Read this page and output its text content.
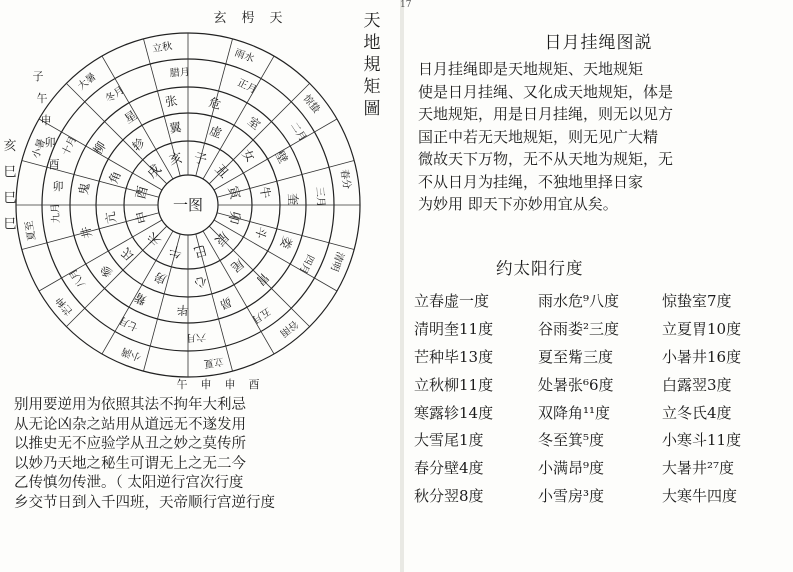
子
丑
寅
卯
辰
巳
午
未
申
酉
戌
亥
虚
女
牛
斗
尾
心
房
氐
亢
角
轸
翼
危
室
壁
奎
娄
胃
昴
毕
觜
参
井
鬼
柳
星
张
正月
二月
三月
四月
五月
六月
七月
八月
九月
十月
冬月
腊月
雨水
惊蛰
春分
清明
谷雨
立夏
小满
芒种
夏至
小暑
大暑
立秋
一图
天
地
規
矩
圖
玄 枵 天
午 申 申 酉
亥
巳
巳
巳
子
午
申
卯
酉
卯
别用要逆用为依照其法不拘年大利忌
从无论凶杂之站用从道远无不遂发用
以推史无不应验学从丑之妙之莫传所
以妙乃天地之秘生可谓无上之无二今
乙传慎勿传泄。（ 太阳逆行宫次行度
乡交节日到入千四班，天帝顺行宫逆行度
17
日月挂绳图説
日月挂绳即是天地规矩、天地规矩
使是日月挂绳、又化成天地规矩，体是
天地规矩，用是日月挂绳，则无以见方
国正中若无天地规矩，则无见广大精
微故天下万物，无不从天地为规矩，无
不从日月为挂绳，不独地里择日家
为妙用 即天下亦妙用宜从矣。
约太阳行度
立春虚一度	雨水危⁹八度	惊蛰室7度
清明奎11度	谷雨娄²三度	立夏胃10度
芒种毕13度	夏至觜三度	小暑井16度
立秋柳11度	处暑张⁶6度	白露翌3度
寒露轸14度	双降角¹¹度	立冬氏4度
大雪尾1度	冬至箕⁵度	小寒斗11度
春分壁4度	小满昂⁹度	大暑井²⁷度
秋分翌8度	小雪房³度	大寒牛四度
